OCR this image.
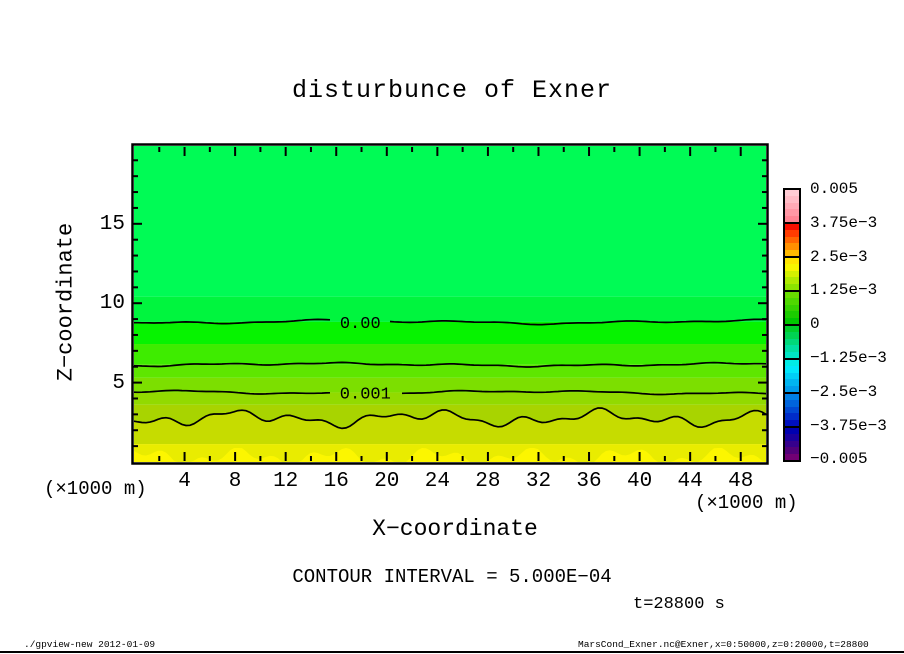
disturbunce of Exner
Z−coordinate	0.00
0.001
5
10
15
4	8	12	16	20	24	28	32	36	40	44	48
(×1000 m)
(×1000 m)
X−coordinate
CONTOUR INTERVAL = 5.000E−04
t=28800 s
0.005
3.75e−3
2.5e−3
1.25e−3
0
−1.25e−3
−2.5e−3
−3.75e−3
−0.005
./gpview-new 2012-01-09	MarsCond_Exner.nc@Exner,x=0:50000,z=0:20000,t=28800
